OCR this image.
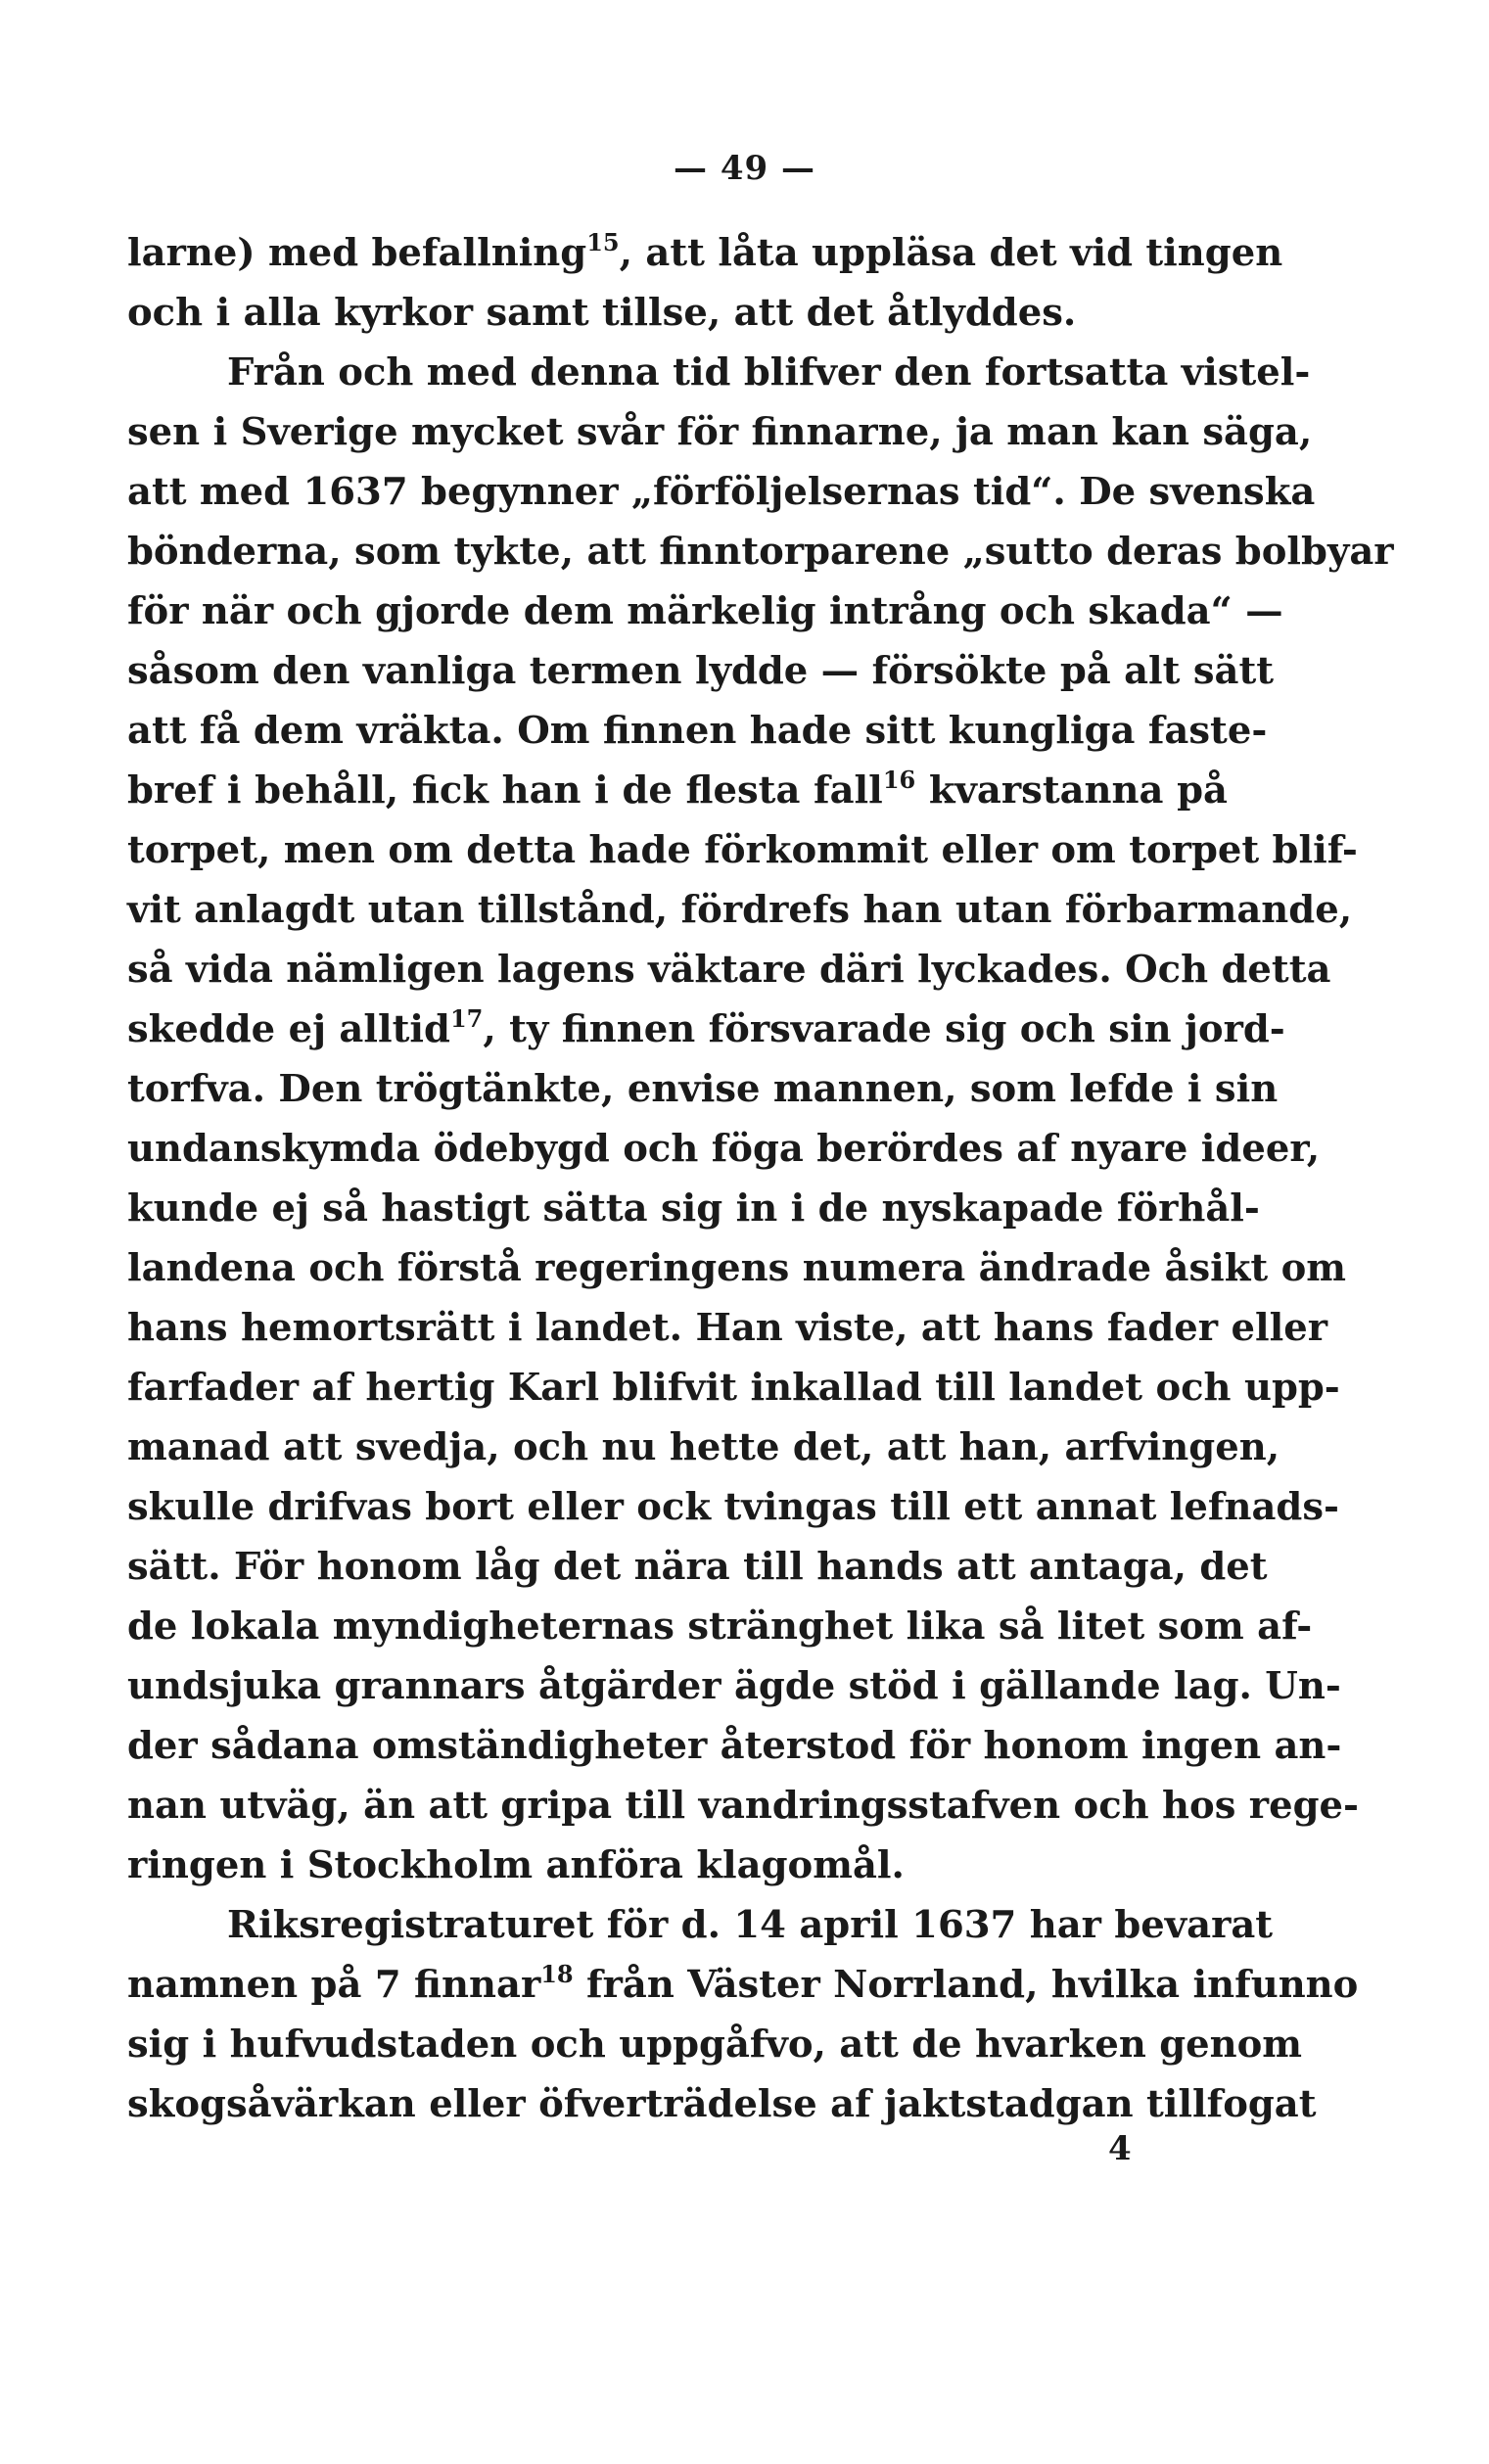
— 49 —
larne) med befallning$^{15}$, att låta uppläsa det vid tingen
och i alla kyrkor samt tillse, att det åtlyddes.
Från och med denna tid blifver den fortsatta vistel-
sen i Sverige mycket svår för finnarne, ja man kan säga,
att med 1637 begynner „förföljelsernas tid“. De svenska
bönderna, som tykte, att finntorparene „sutto deras bolbyar
för när och gjorde dem märkelig intrång och skada“ —
såsom den vanliga termen lydde — försökte på alt sätt
att få dem vräkta. Om finnen hade sitt kungliga faste-
bref i behåll, fick han i de flesta fall$^{16}$ kvarstanna på
torpet, men om detta hade förkommit eller om torpet blif-
vit anlagdt utan tillstånd, fördrefs han utan förbarmande,
så vida nämligen lagens väktare däri lyckades. Och detta
skedde ej alltid$^{17}$, ty finnen försvarade sig och sin jord-
torfva. Den trögtänkte, envise mannen, som lefde i sin
undanskymda ödebygd och föga berördes af nyare ideer,
kunde ej så hastigt sätta sig in i de nyskapade förhål-
landena och förstå regeringens numera ändrade åsikt om
hans hemortsrätt i landet. Han viste, att hans fader eller
farfader af hertig Karl blifvit inkallad till landet och upp-
manad att svedja, och nu hette det, att han, arfvingen,
skulle drifvas bort eller ock tvingas till ett annat lefnads-
sätt. För honom låg det nära till hands att antaga, det
de lokala myndigheternas stränghet lika så litet som af-
undsjuka grannars åtgärder ägde stöd i gällande lag. Un-
der sådana omständigheter återstod för honom ingen an-
nan utväg, än att gripa till vandringsstafven och hos rege-
ringen i Stockholm anföra klagomål.
Riksregistraturet för d. 14 april 1637 har bevarat
namnen på 7 finnar$^{18}$ från Väster Norrland, hvilka infunno
sig i hufvudstaden och uppgåfvo, att de hvarken genom
skogsåvärkan eller öfverträdelse af jaktstadgan tillfogat
4
